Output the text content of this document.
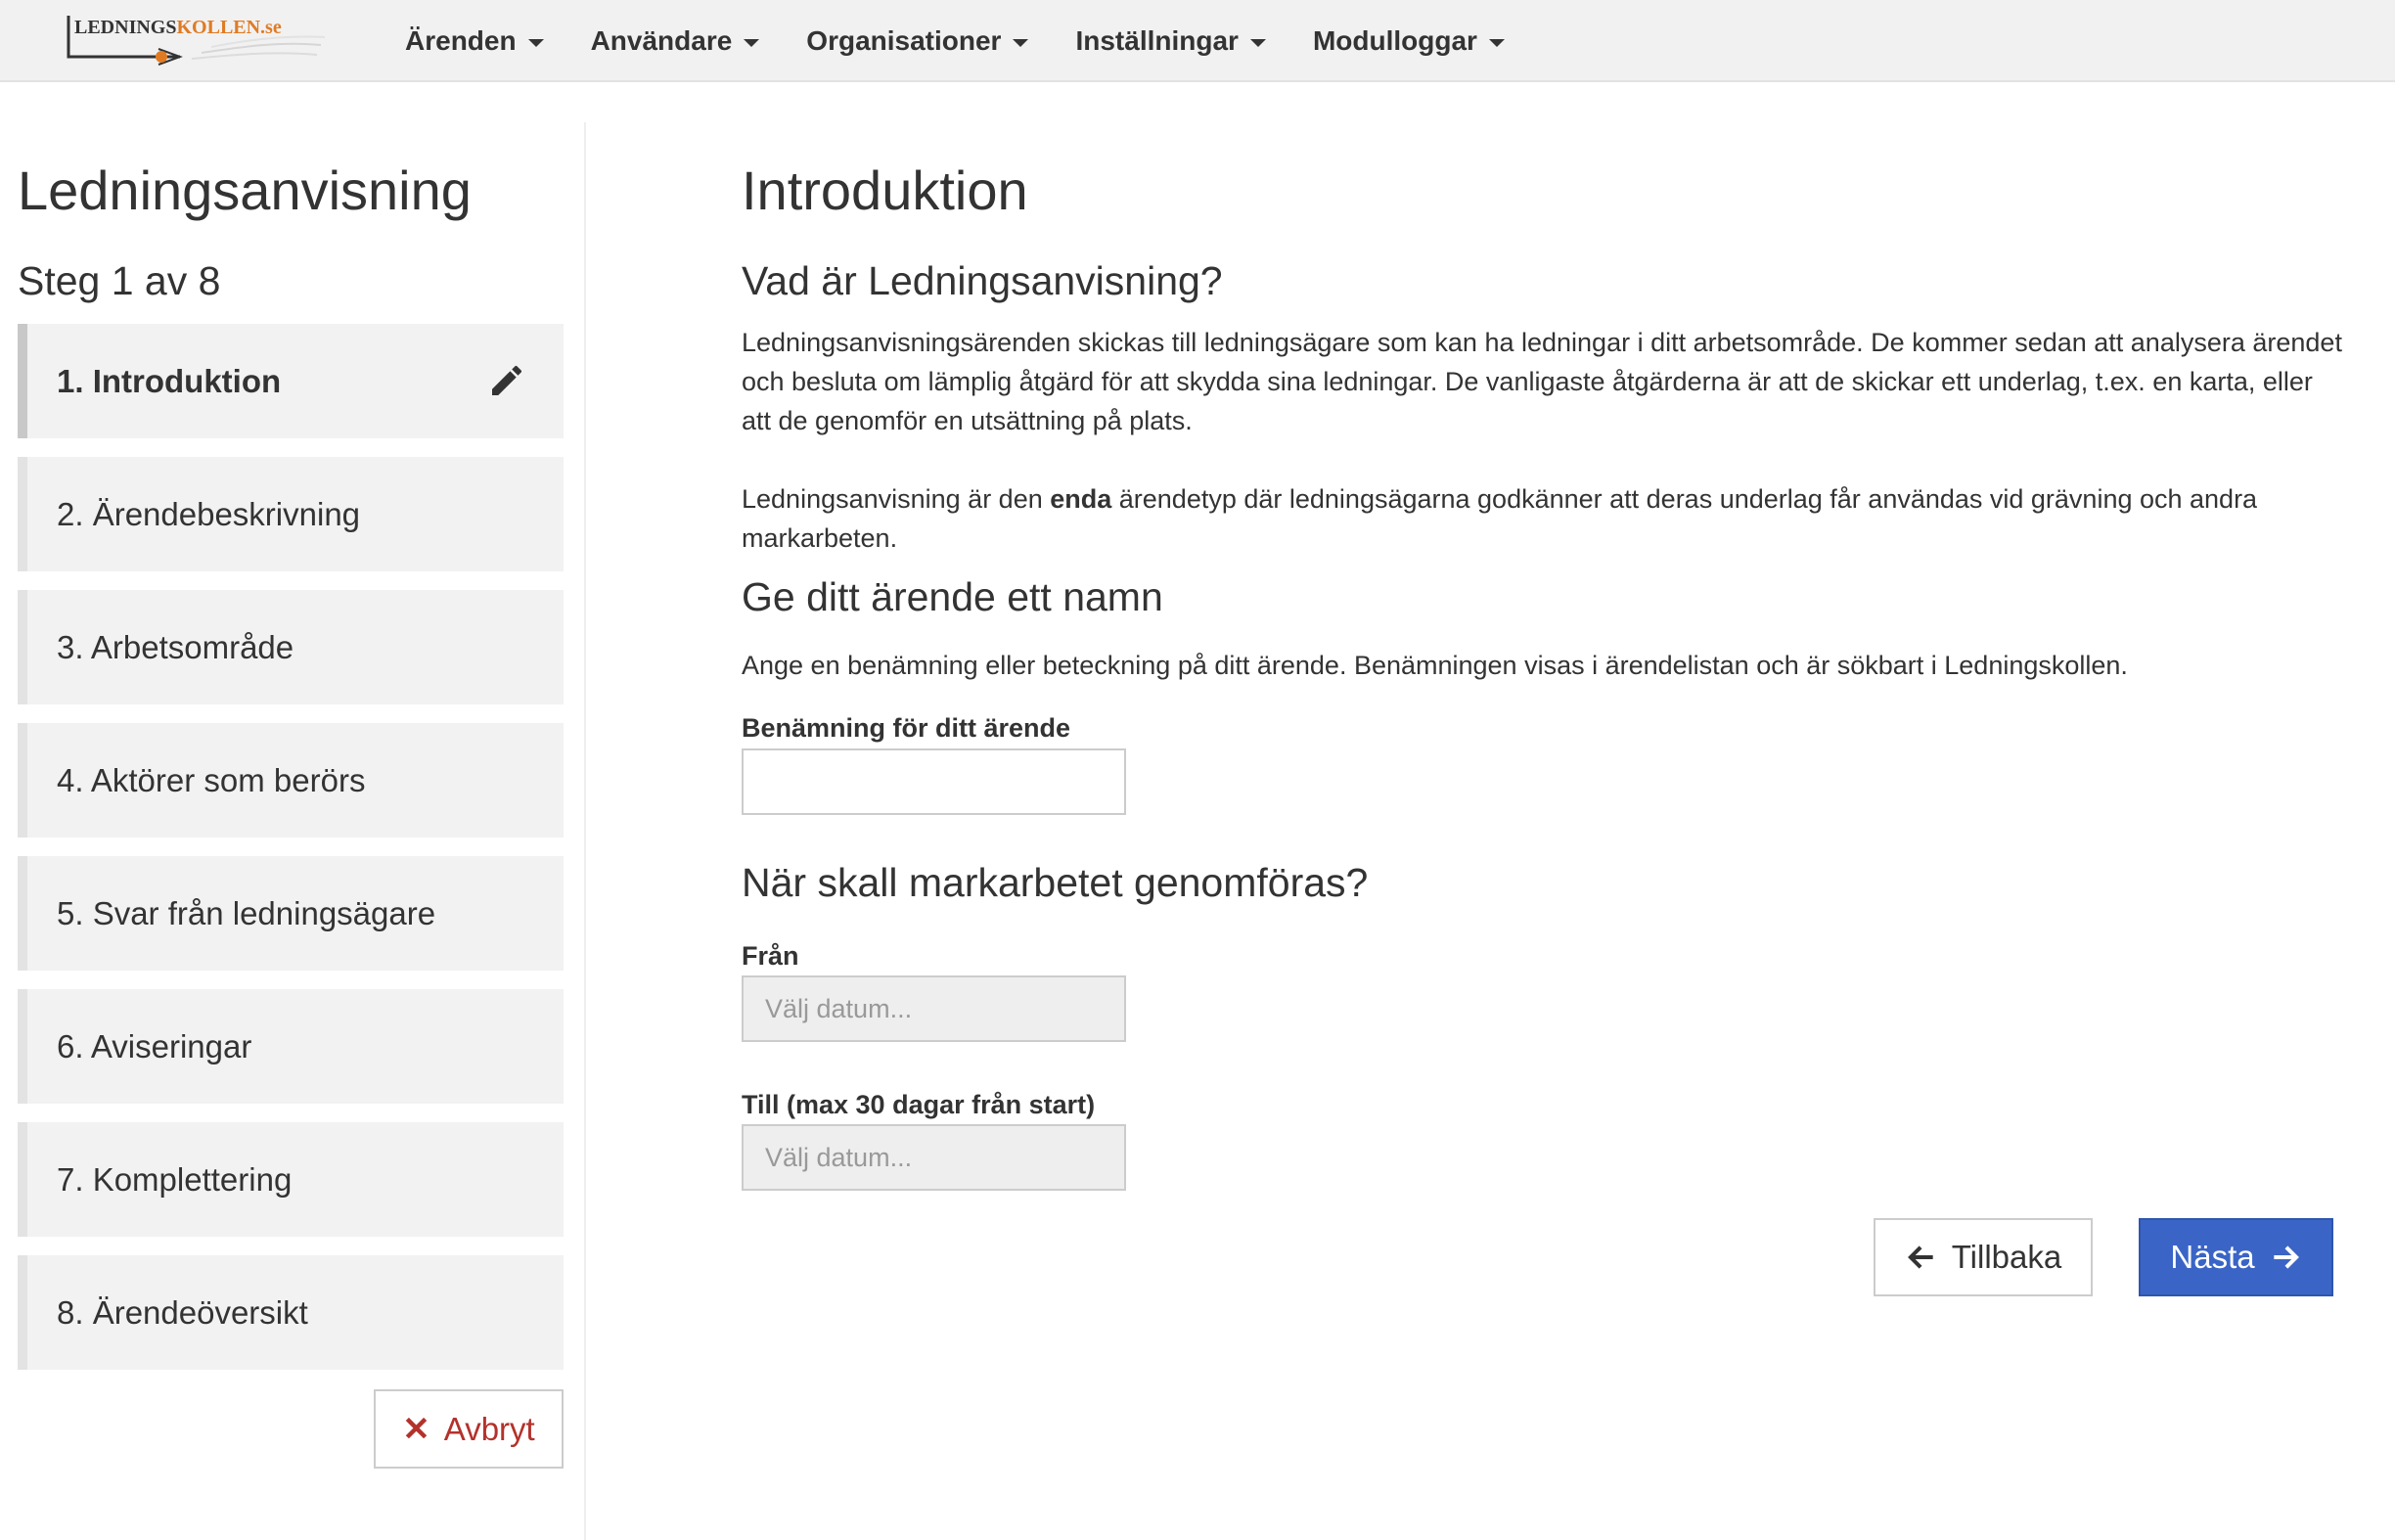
LEDNINGSKOLLEN.se	Ärenden	Användare	Organisationer	Inställningar	Modulloggar
Ledningsanvisning
Steg 1 av 8
1. Introduktion
2. Ärendebeskrivning
3. Arbetsområde
4. Aktörer som berörs
5. Svar från ledningsägare
6. Aviseringar
7. Komplettering
8. Ärendeöversikt
✕ Avbryt
Introduktion
Vad är Ledningsanvisning?

Ledningsanvisningsärenden skickas till ledningsägare som kan ha ledningar i ditt arbetsområde. De kommer sedan att analysera ärendet och besluta om lämplig åtgärd för att skydda sina ledningar. De vanligaste åtgärderna är att de skickar ett underlag, t.ex. en karta, eller att de genomför en utsättning på plats.

Ledningsanvisning är den enda ärendetyp där ledningsägarna godkänner att deras underlag får användas vid grävning och andra markarbeten.

Ge ditt ärende ett namn

Ange en benämning eller beteckning på ditt ärende. Benämningen visas i ärendelistan och är sökbart i Ledningskollen.

Benämning för ditt ärende
När skall markarbetet genomföras?
Från
Välj datum...
Till (max 30 dagar från start)
Välj datum...
Tillbaka	Nästa
